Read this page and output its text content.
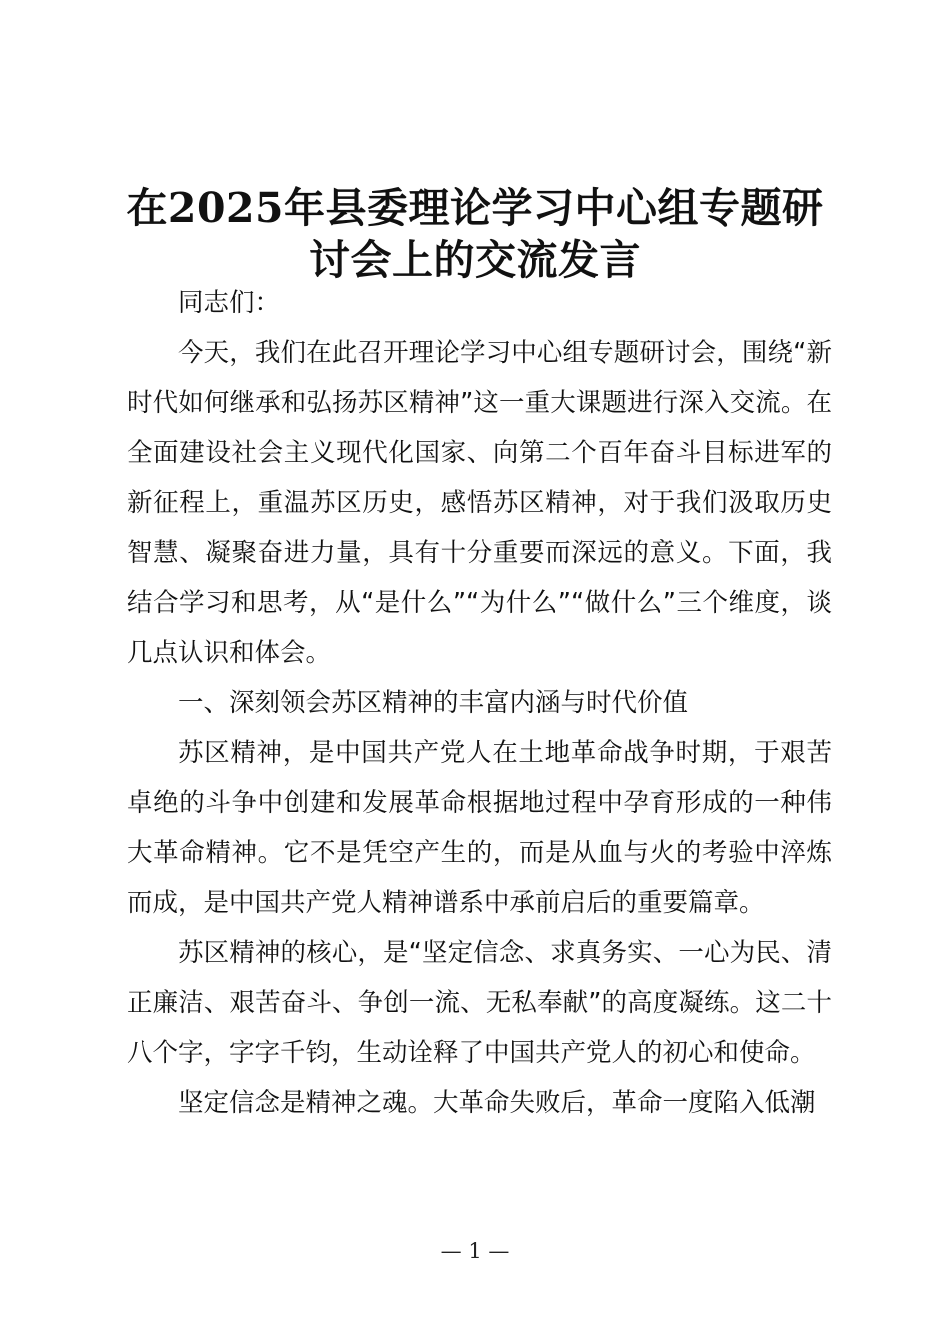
在2025年县委理论学习中心组专题研
讨会上的交流发言

同志们：

今天，我们在此召开理论学习中心组专题研讨会，围绕“新时代如何继承和弘扬苏区精神”这一重大课题进行深入交流。在全面建设社会主义现代化国家、向第二个百年奋斗目标进军的新征程上，重温苏区历史，感悟苏区精神，对于我们汲取历史智慧、凝聚奋进力量，具有十分重要而深远的意义。下面，我结合学习和思考，从“是什么”“为什么”“做什么”三个维度，谈几点认识和体会。

一、深刻领会苏区精神的丰富内涵与时代价值

苏区精神，是中国共产党人在土地革命战争时期，于艰苦卓绝的斗争中创建和发展革命根据地过程中孕育形成的一种伟大革命精神。它不是凭空产生的，而是从血与火的考验中淬炼而成，是中国共产党人精神谱系中承前启后的重要篇章。

苏区精神的核心，是“坚定信念、求真务实、一心为民、清正廉洁、艰苦奋斗、争创一流、无私奉献”的高度凝练。这二十八个字，字字千钧，生动诠释了中国共产党人的初心和使命。

坚定信念是精神之魂。大革命失败后，革命一度陷入低潮

— 1 —
